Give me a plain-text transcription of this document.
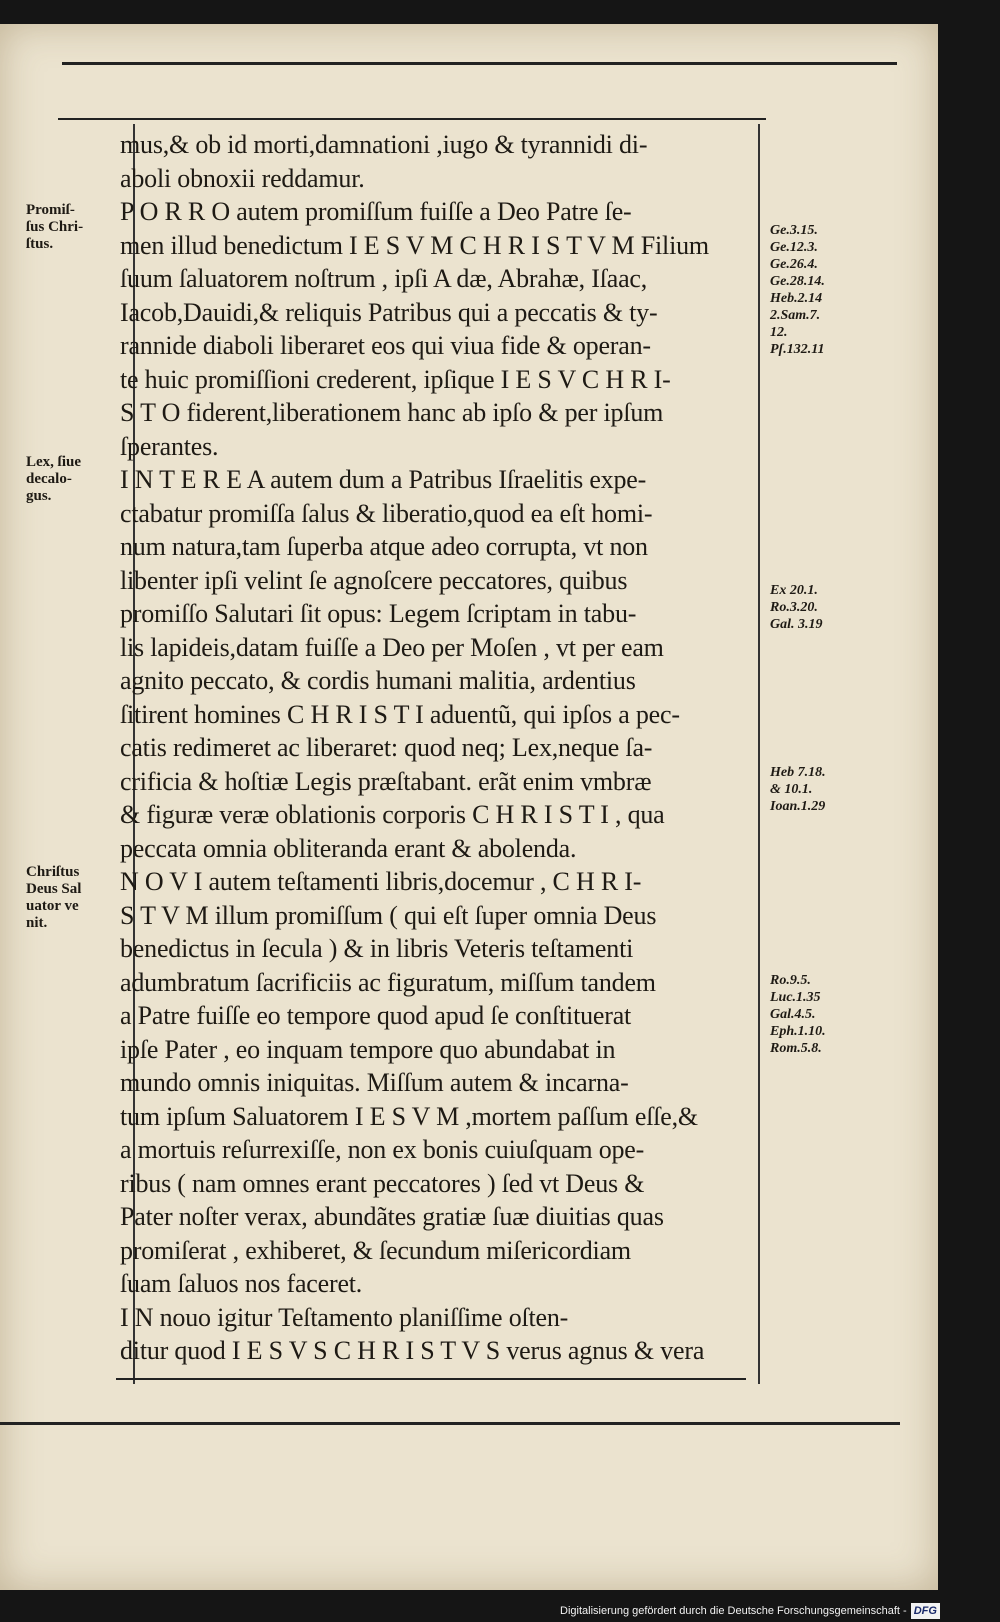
mus,& ob id morti,damnationi ,iugo & tyrannidi di-
aboli obnoxii reddamur.
P O R R O autem promiſſum fuiſſe a Deo Patre ſe-
men illud benedictum I E S V M C H R I S T V M Filium
ſuum ſaluatorem noſtrum , ipſi A dæ, Abrahæ, Iſaac,
Iacob,Dauidi,& reliquis Patribus qui a peccatis & ty-
rannide diaboli liberaret eos qui viua fide & operan-
te huic promiſſioni crederent, ipſique I E S V C H R I-
S T O fiderent,liberationem hanc ab ipſo & per ipſum
ſperantes.
I N T E R E A autem dum a Patribus Iſraelitis expe-
ctabatur promiſſa ſalus & liberatio,quod ea eſt homi-
num natura,tam ſuperba atque adeo corrupta, vt non
libenter ipſi velint ſe agnoſcere peccatores, quibus
promiſſo Salutari ſit opus: Legem ſcriptam in tabu-
lis lapideis,datam fuiſſe a Deo per Moſen , vt per eam
agnito peccato, & cordis humani malitia, ardentius
ſitirent homines C H R I S T I aduentũ, qui ipſos a pec-
catis redimeret ac liberaret: quod neq; Lex,neque ſa-
crificia & hoſtiæ Legis præſtabant. erãt enim vmbræ
& figuræ veræ oblationis corporis C H R I S T I , qua
peccata omnia obliteranda erant & abolenda.
N O V I autem teſtamenti libris,docemur , C H R I-
S T V M illum promiſſum ( qui eſt ſuper omnia Deus
benedictus in ſecula ) & in libris Veteris teſtamenti
adumbratum ſacrificiis ac figuratum, miſſum tandem
a Patre fuiſſe eo tempore quod apud ſe conſtituerat
ipſe Pater , eo inquam tempore quo abundabat in
mundo omnis iniquitas. Miſſum autem & incarna-
tum ipſum Saluatorem I E S V M ,mortem paſſum eſſe,&
a mortuis reſurrexiſſe, non ex bonis cuiuſquam ope-
ribus ( nam omnes erant peccatores ) ſed vt Deus &
Pater noſter verax, abundãtes gratiæ ſuæ diuitias quas
promiſerat , exhiberet, & ſecundum miſericordiam
ſuam ſaluos nos faceret.
I N nouo igitur Teſtamento planiſſime oſten-
ditur quod I E S V S C H R I S T V S verus agnus & vera
Promiſ-
ſus Chri-
ſtus.
Lex, ſiue
decalo-
gus.
Chriſtus
Deus Sal
uator ve
nit.
Ge.3.15.
Ge.12.3.
Ge.26.4.
Ge.28.14.
Heb.2.14
2.Sam.7.
12.
Pſ.132.11
Ex 20.1.
Ro.3.20.
Gal. 3.19
Heb 7.18.
& 10.1.
Ioan.1.29
Ro.9.5.
Luc.1.35
Gal.4.5.
Eph.1.10.
Rom.5.8.
Digitalisierung gefördert durch die Deutsche Forschungsgemeinschaft - DFG
